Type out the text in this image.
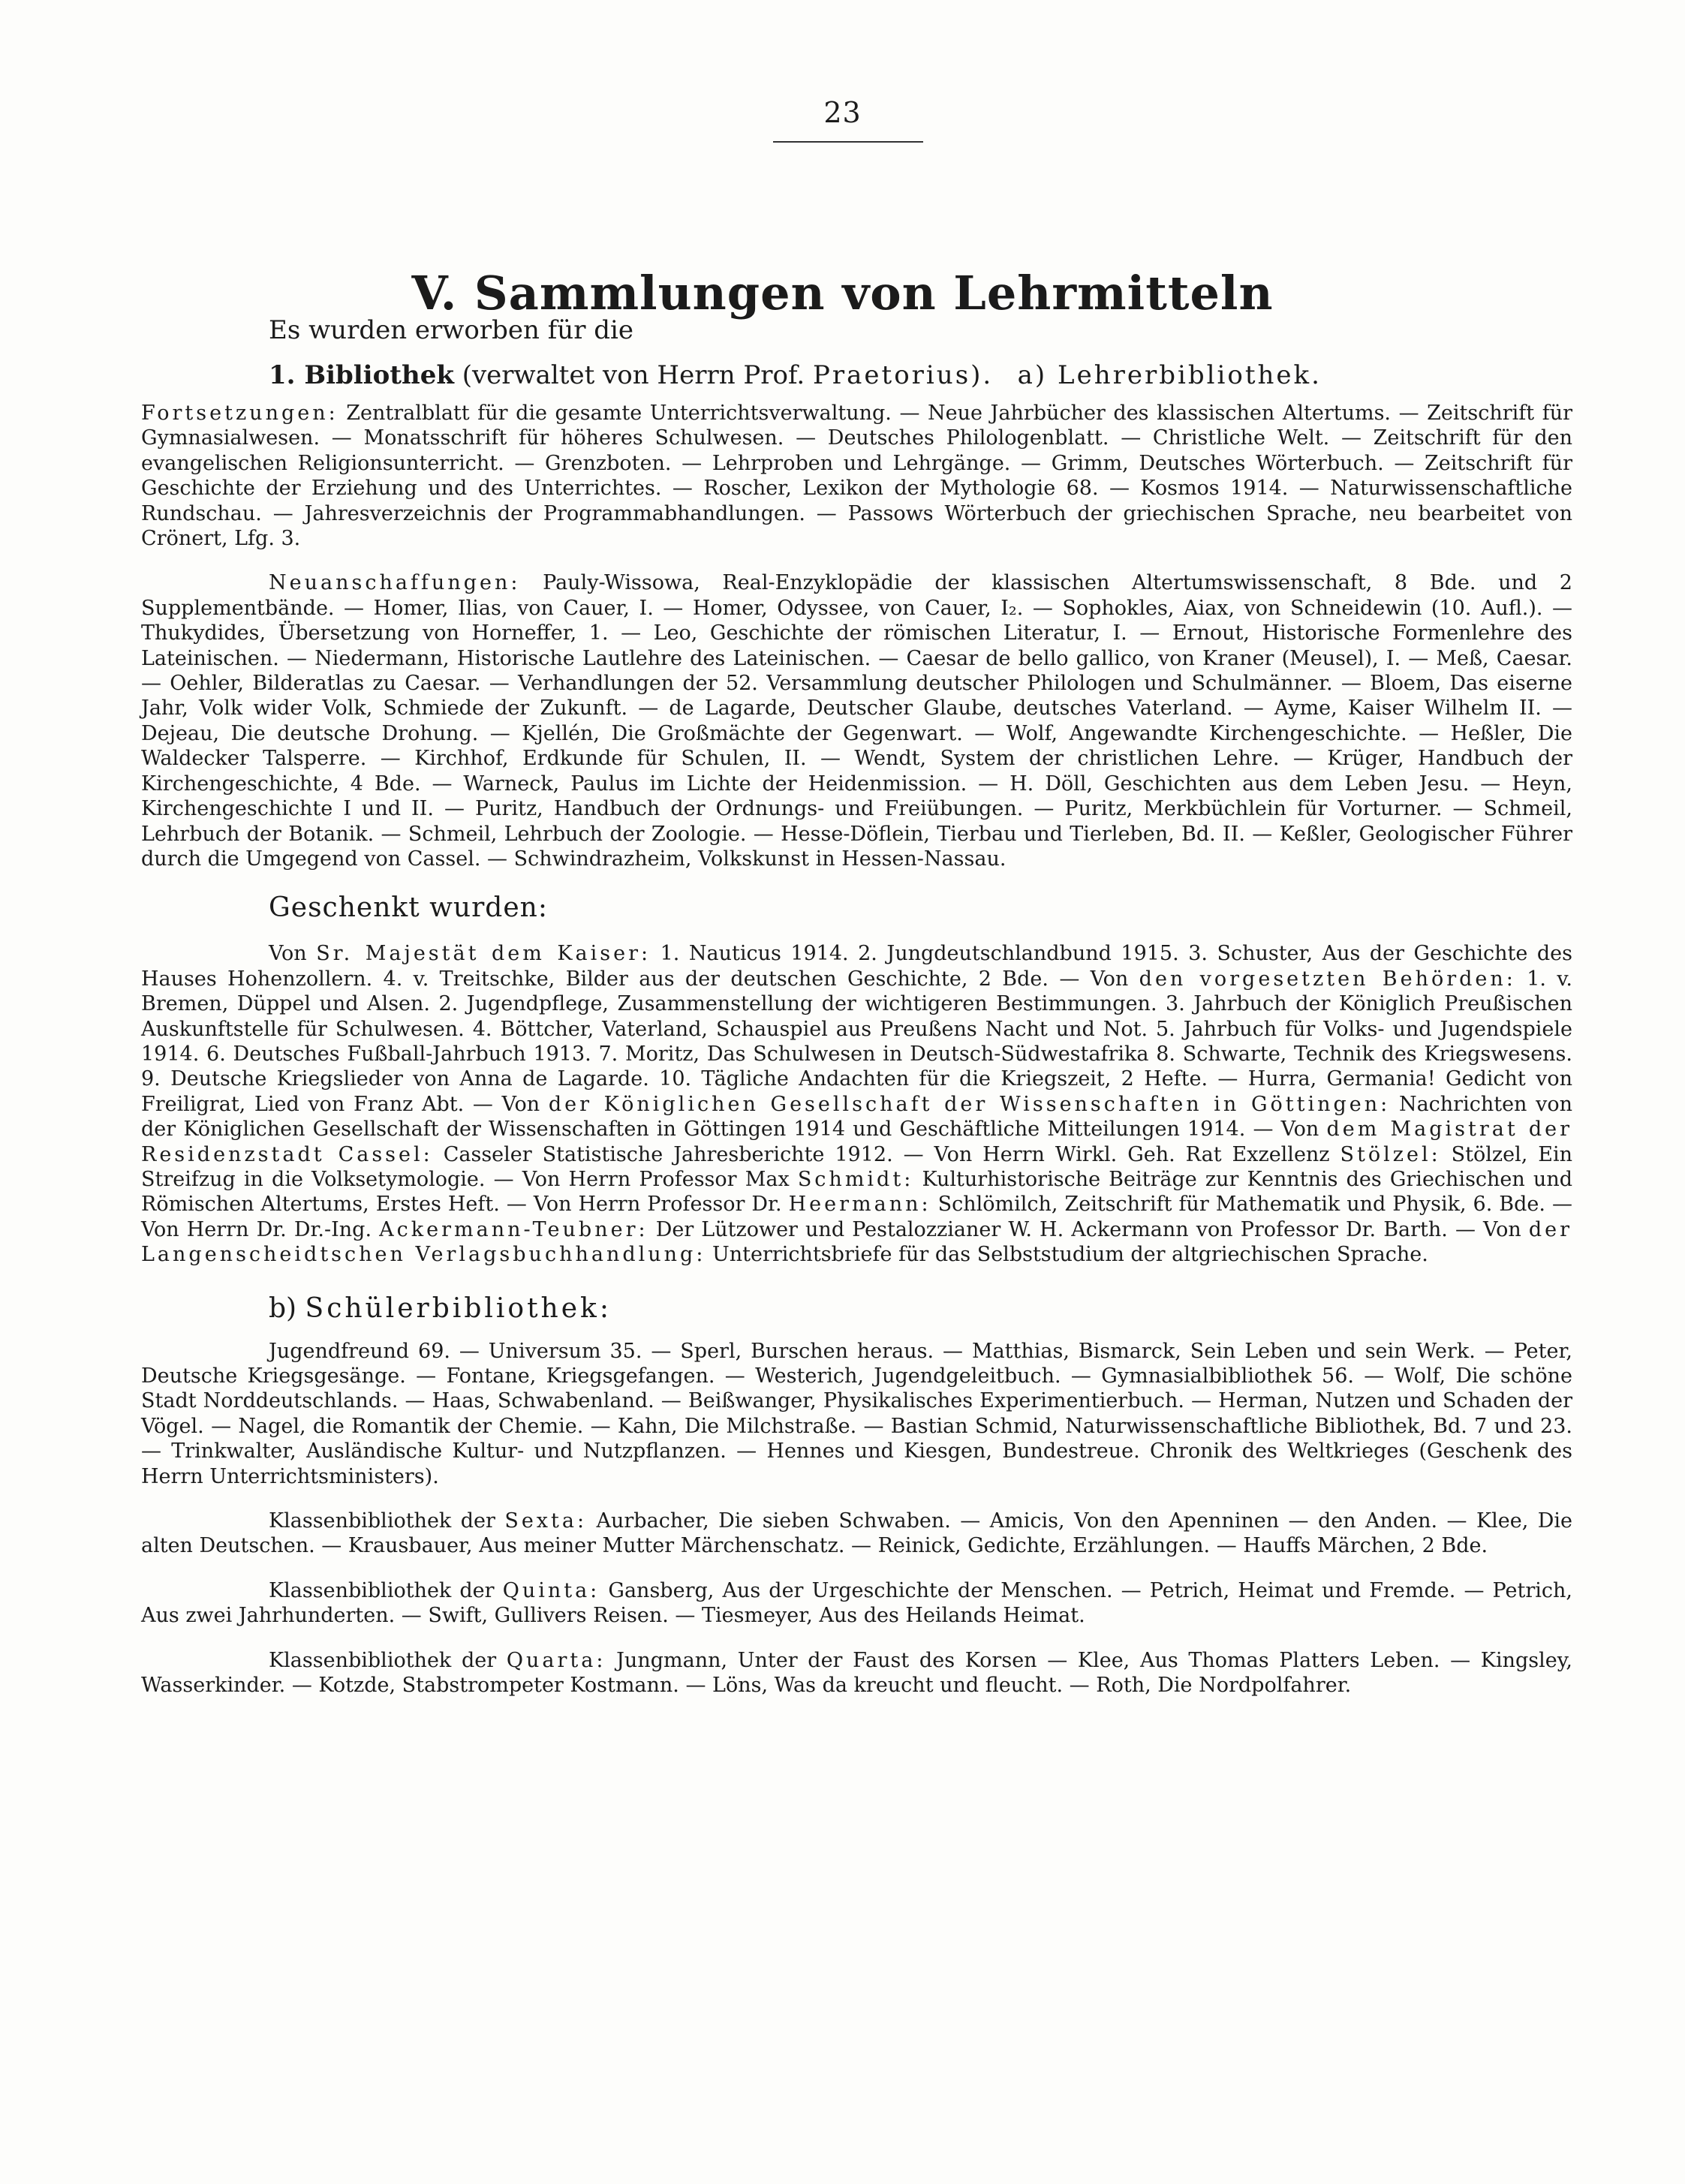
23
V. Sammlungen von Lehrmitteln

Es wurden erworben für die

1. Bibliothek (verwaltet von Herrn Prof. Praetorius). a) Lehrerbibliothek.

Fortsetzungen: Zentralblatt für die gesamte Unterrichtsverwaltung. — Neue Jahrbücher des klassischen Altertums. — Zeitschrift für Gymnasialwesen. — Monatsschrift für höheres Schulwesen. — Deutsches Philologenblatt. — Christliche Welt. — Zeitschrift für den evangelischen Religionsunterricht. — Grenzboten. — Lehrproben und Lehrgänge. — Grimm, Deutsches Wörterbuch. — Zeitschrift für Geschichte der Erziehung und des Unterrichtes. — Roscher, Lexikon der Mythologie 68. — Kosmos 1914. — Naturwissenschaftliche Rundschau. — Jahresverzeichnis der Programmabhandlungen. — Passows Wörterbuch der griechischen Sprache, neu bearbeitet von Crönert, Lfg. 3.

Neuanschaffungen: Pauly-Wissowa, Real-Enzyklopädie der klassischen Altertumswissenschaft, 8 Bde. und 2 Supplementbände. — Homer, Ilias, von Cauer, I. — Homer, Odyssee, von Cauer, I₂. — Sophokles, Aiax, von Schneidewin (10. Aufl.). — Thukydides, Übersetzung von Horneffer, 1. — Leo, Geschichte der römischen Literatur, I. — Ernout, Historische Formenlehre des Lateinischen. — Niedermann, Historische Lautlehre des Lateinischen. — Caesar de bello gallico, von Kraner (Meusel), I. — Meß, Caesar. — Oehler, Bilderatlas zu Caesar. — Verhandlungen der 52. Versammlung deutscher Philologen und Schulmänner. — Bloem, Das eiserne Jahr, Volk wider Volk, Schmiede der Zukunft. — de Lagarde, Deutscher Glaube, deutsches Vaterland. — Ayme, Kaiser Wilhelm II. — Dejeau, Die deutsche Drohung. — Kjellén, Die Großmächte der Gegenwart. — Wolf, Angewandte Kirchengeschichte. — Heßler, Die Waldecker Talsperre. — Kirchhof, Erdkunde für Schulen, II. — Wendt, System der christlichen Lehre. — Krüger, Handbuch der Kirchengeschichte, 4 Bde. — Warneck, Paulus im Lichte der Heidenmission. — H. Döll, Geschichten aus dem Leben Jesu. — Heyn, Kirchengeschichte I und II. — Puritz, Handbuch der Ordnungs- und Freiübungen. — Puritz, Merkbüchlein für Vorturner. — Schmeil, Lehrbuch der Botanik. — Schmeil, Lehrbuch der Zoologie. — Hesse-Döflein, Tierbau und Tierleben, Bd. II. — Keßler, Geologischer Führer durch die Umgegend von Cassel. — Schwindrazheim, Volkskunst in Hessen-Nassau.

Geschenkt wurden:

Von Sr. Majestät dem Kaiser: 1. Nauticus 1914. 2. Jungdeutschlandbund 1915. 3. Schuster, Aus der Geschichte des Hauses Hohenzollern. 4. v. Treitschke, Bilder aus der deutschen Geschichte, 2 Bde. — Von den vorgesetzten Behörden: 1. v. Bremen, Düppel und Alsen. 2. Jugendpflege, Zusammenstellung der wichtigeren Bestimmungen. 3. Jahrbuch der Königlich Preußischen Auskunftstelle für Schulwesen. 4. Böttcher, Vaterland, Schauspiel aus Preußens Nacht und Not. 5. Jahrbuch für Volks- und Jugendspiele 1914. 6. Deutsches Fußball-Jahrbuch 1913. 7. Moritz, Das Schulwesen in Deutsch-Südwestafrika 8. Schwarte, Technik des Kriegswesens. 9. Deutsche Kriegslieder von Anna de Lagarde. 10. Tägliche Andachten für die Kriegszeit, 2 Hefte. — Hurra, Germania! Gedicht von Freiligrat, Lied von Franz Abt. — Von der Königlichen Gesellschaft der Wissenschaften in Göttingen: Nachrichten von der Königlichen Gesellschaft der Wissenschaften in Göttingen 1914 und Geschäftliche Mitteilungen 1914. — Von dem Magistrat der Residenzstadt Cassel: Casseler Statistische Jahresberichte 1912. — Von Herrn Wirkl. Geh. Rat Exzellenz Stölzel: Stölzel, Ein Streifzug in die Volksetymologie. — Von Herrn Professor Max Schmidt: Kulturhistorische Beiträge zur Kenntnis des Griechischen und Römischen Altertums, Erstes Heft. — Von Herrn Professor Dr. Heermann: Schlömilch, Zeitschrift für Mathematik und Physik, 6. Bde. — Von Herrn Dr. Dr.-Ing. Ackermann-Teubner: Der Lützower und Pestalozzianer W. H. Ackermann von Professor Dr. Barth. — Von der Langenscheidtschen Verlagsbuchhandlung: Unterrichtsbriefe für das Selbststudium der altgriechischen Sprache.

b) Schülerbibliothek:

Jugendfreund 69. — Universum 35. — Sperl, Burschen heraus. — Matthias, Bismarck, Sein Leben und sein Werk. — Peter, Deutsche Kriegsgesänge. — Fontane, Kriegsgefangen. — Westerich, Jugendgeleitbuch. — Gymnasialbibliothek 56. — Wolf, Die schöne Stadt Norddeutschlands. — Haas, Schwabenland. — Beißwanger, Physikalisches Experimentierbuch. — Herman, Nutzen und Schaden der Vögel. — Nagel, die Romantik der Chemie. — Kahn, Die Milchstraße. — Bastian Schmid, Naturwissenschaftliche Bibliothek, Bd. 7 und 23. — Trinkwalter, Ausländische Kultur- und Nutzpflanzen. — Hennes und Kiesgen, Bundestreue. Chronik des Weltkrieges (Geschenk des Herrn Unterrichtsministers).

Klassenbibliothek der Sexta: Aurbacher, Die sieben Schwaben. — Amicis, Von den Apenninen — den Anden. — Klee, Die alten Deutschen. — Krausbauer, Aus meiner Mutter Märchenschatz. — Reinick, Gedichte, Erzählungen. — Hauffs Märchen, 2 Bde.

Klassenbibliothek der Quinta: Gansberg, Aus der Urgeschichte der Menschen. — Petrich, Heimat und Fremde. — Petrich, Aus zwei Jahrhunderten. — Swift, Gullivers Reisen. — Tiesmeyer, Aus des Heilands Heimat.

Klassenbibliothek der Quarta: Jungmann, Unter der Faust des Korsen — Klee, Aus Thomas Platters Leben. — Kingsley, Wasserkinder. — Kotzde, Stabstrompeter Kostmann. — Löns, Was da kreucht und fleucht. — Roth, Die Nordpolfahrer.
